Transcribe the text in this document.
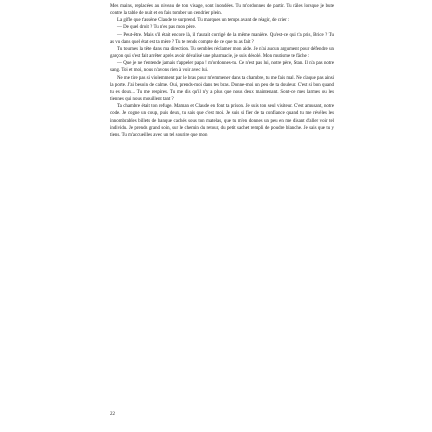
Mes mains, replacées au niveau de ton visage, sont inondées. Tu m'ordonnes de partir. Tu râles lorsque je bute contre la table de nuit et en fais tomber un cendrier plein.

La gifle que t'assène Claude te surprend. Tu marques un temps avant de réagir, de crier :

— De quel droit ? Tu n'es pas mon père.

— Peut-être. Mais s'il était encore là, il t'aurait corrigé de la même manière. Qu'est-ce qui t'a pris, Brice ? Tu as vu dans quel état est ta mère ? Tu te rends compte de ce que tu as fait ?

Tu tournes la tête dans ma direction. Tu sembles réclamer mon aide. Je n'ai aucun argument pour défendre un garçon qui s'est fait arrêter après avoir dévalisé une pharmacie, je suis désolé. Mon mutisme te fâche :

— Que je ne t'entende jamais t'appeler papa ! m'ordonnes-tu. Ce n'est pas lui, notre père, Stan. Il n'a pas notre sang. Toi et moi, nous n'avons rien à voir avec lui.

Ne me tire pas si violemment par le bras pour m'emmener dans ta chambre, tu me fais mal. Ne claque pas ainsi la porte. J'ai besoin de calme. Oui, prends-moi dans tes bras. Donne-moi un peu de ta douleur. C'est si bon quand tu es doux... Tu me respires. Tu me dis qu'il n'y a plus que nous deux maintenant. Sont-ce mes larmes ou les tiennes qui nous mouillent tant ?

Ta chambre était ton refuge. Maman et Claude en font ta prison. Je suis ton seul visiteur. C'est amusant, notre code. Je cogne un coup, puis deux, tu sais que c'est moi. Je suis si fier de ta confiance quand tu me révèles les innombrables billets de banque cachés sous ton matelas, que tu m'en donnes un peu en me disant d'aller voir tel individu. Je prends grand soin, sur le chemin du retour, du petit sachet rempli de poudre blanche. Je sais que tu y tiens. Tu m'accueilles avec un tel sourire que mon

22
